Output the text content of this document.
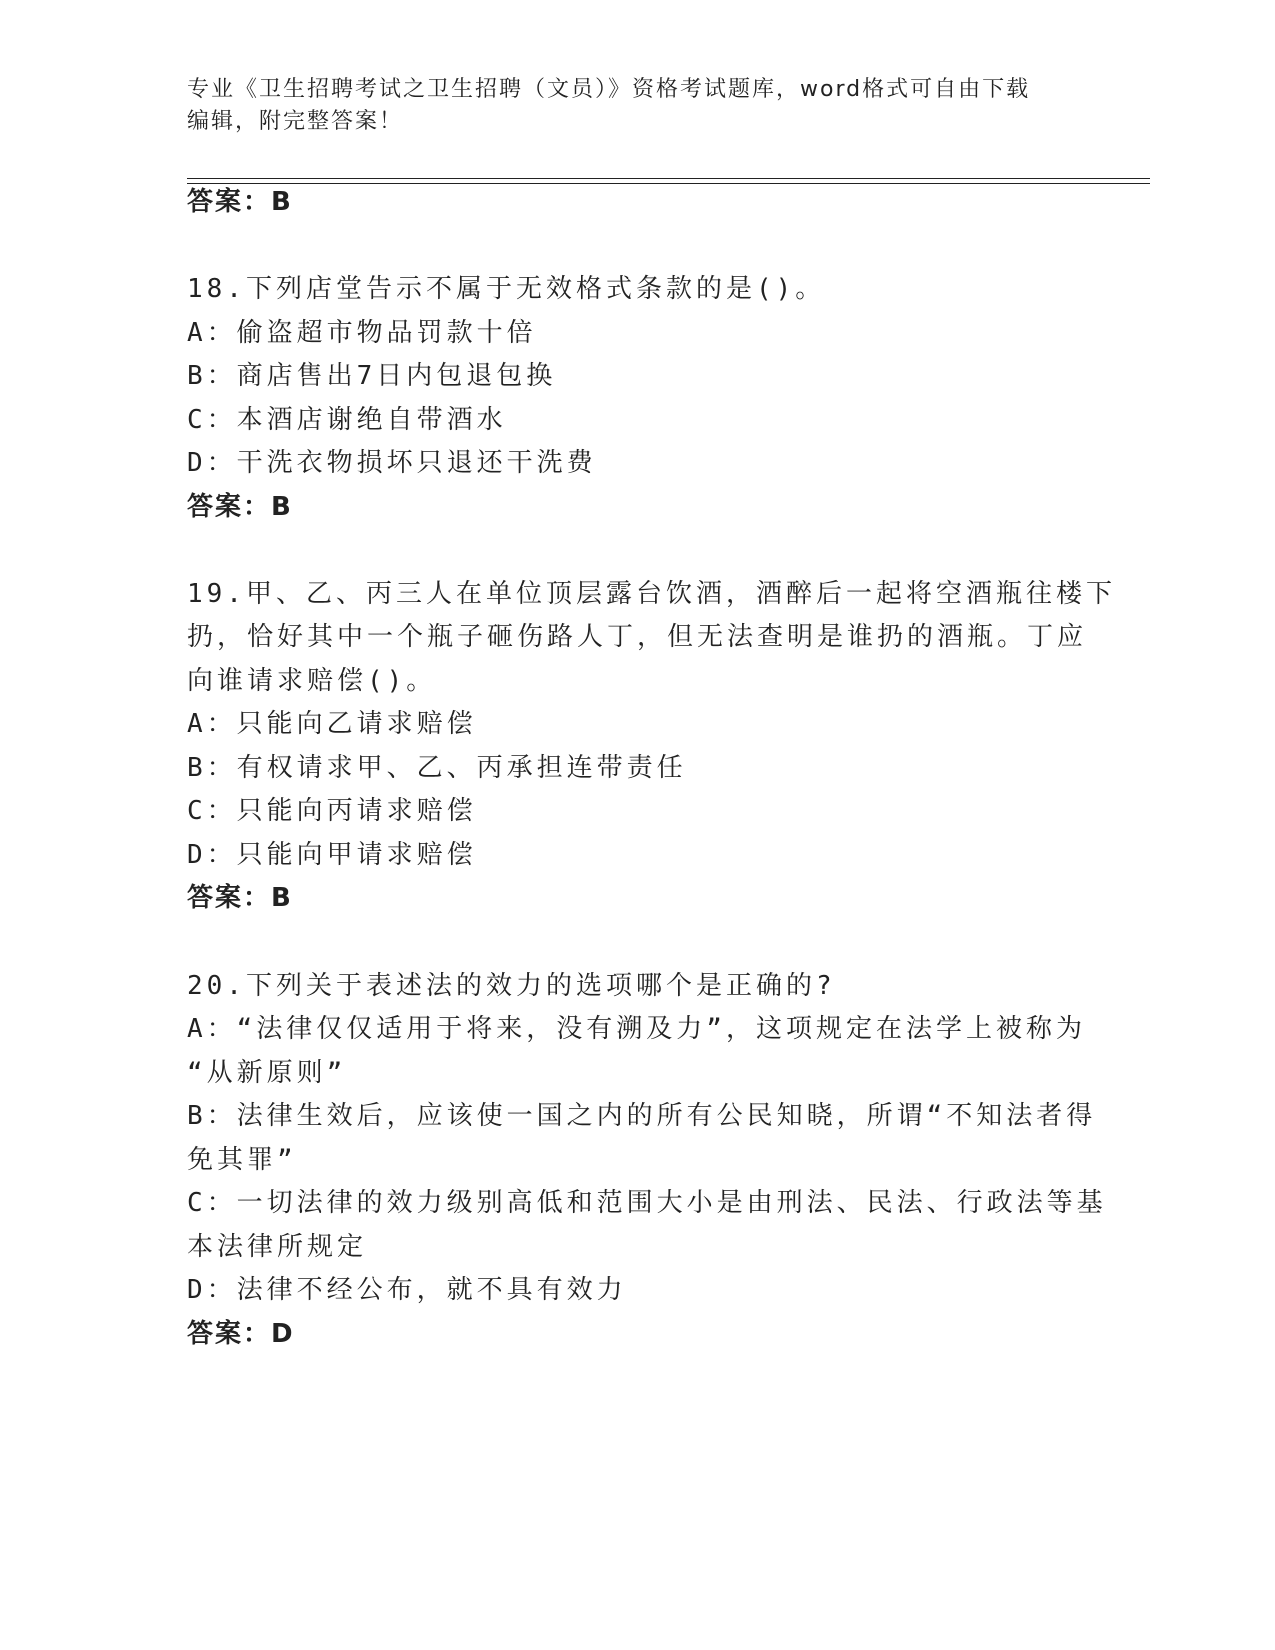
专业《卫生招聘考试之卫生招聘（文员）》资格考试题库，word格式可自由下载
编辑，附完整答案！
答案：B
18.下列店堂告示不属于无效格式条款的是()。
A：偷盗超市物品罚款十倍
B：商店售出7日内包退包换
C：本酒店谢绝自带酒水
D：干洗衣物损坏只退还干洗费
答案：B
19.甲、乙、丙三人在单位顶层露台饮酒，酒醉后一起将空酒瓶往楼下
扔，恰好其中一个瓶子砸伤路人丁，但无法查明是谁扔的酒瓶。丁应
向谁请求赔偿()。
A：只能向乙请求赔偿
B：有权请求甲、乙、丙承担连带责任
C：只能向丙请求赔偿
D：只能向甲请求赔偿
答案：B
20.下列关于表述法的效力的选项哪个是正确的?
A：“法律仅仅适用于将来，没有溯及力”，这项规定在法学上被称为
“从新原则”
B：法律生效后，应该使一国之内的所有公民知晓，所谓“不知法者得
免其罪”
C：一切法律的效力级别高低和范围大小是由刑法、民法、行政法等基
本法律所规定
D：法律不经公布，就不具有效力
答案：D
